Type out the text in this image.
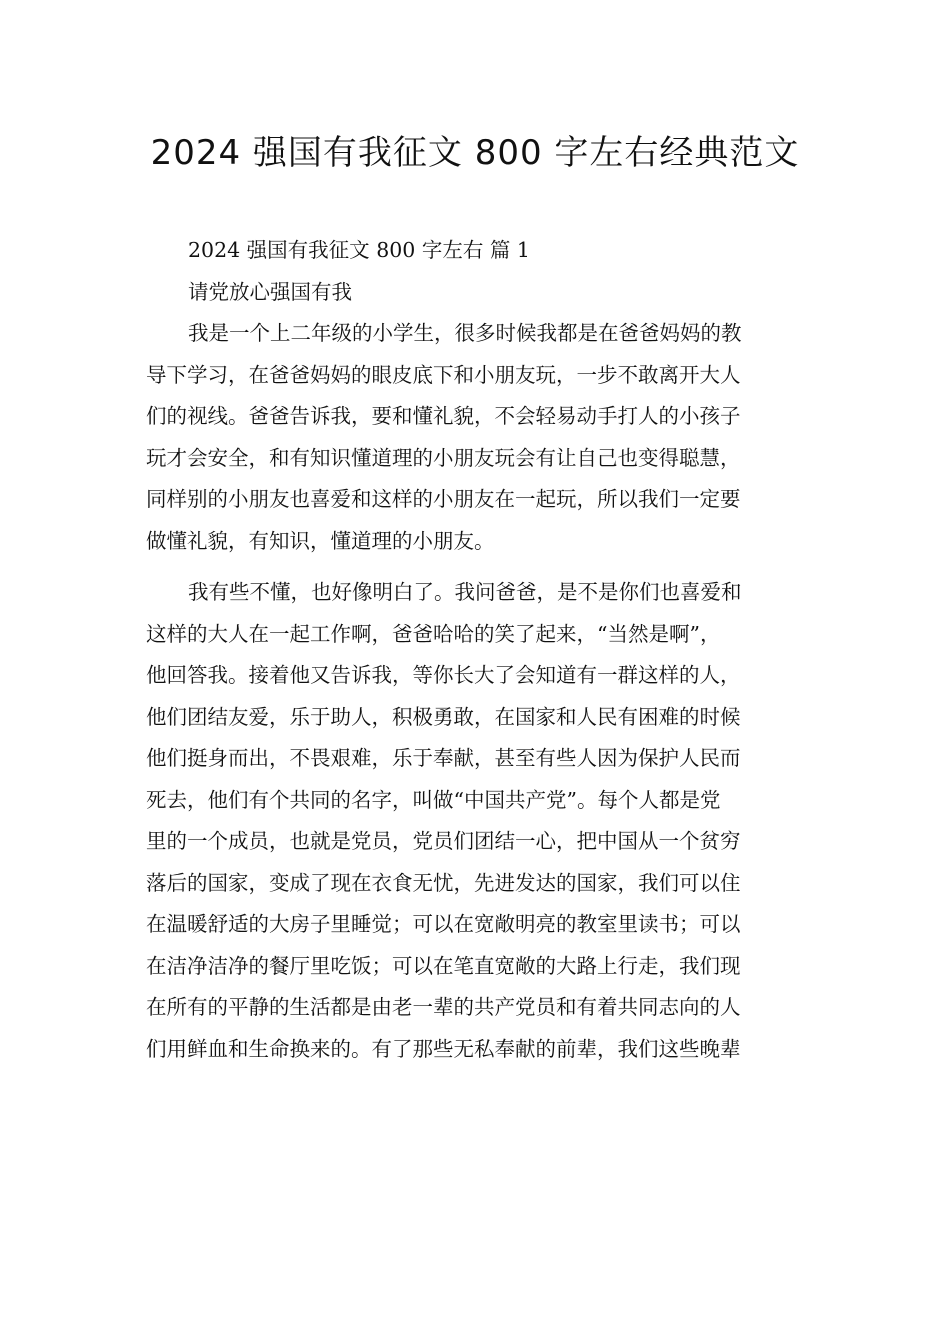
2024 强国有我征文 800 字左右经典范文
2024 强国有我征文 800 字左右 篇 1
请党放心强国有我
我是一个上二年级的小学生，很多时候我都是在爸爸妈妈的教
导下学习，在爸爸妈妈的眼皮底下和小朋友玩，一步不敢离开大人
们的视线。爸爸告诉我，要和懂礼貌，不会轻易动手打人的小孩子
玩才会安全，和有知识懂道理的小朋友玩会有让自己也变得聪慧，
同样别的小朋友也喜爱和这样的小朋友在一起玩，所以我们一定要
做懂礼貌，有知识，懂道理的小朋友。
我有些不懂，也好像明白了。我问爸爸，是不是你们也喜爱和
这样的大人在一起工作啊，爸爸哈哈的笑了起来，“当然是啊”，
他回答我。接着他又告诉我，等你长大了会知道有一群这样的人，
他们团结友爱，乐于助人，积极勇敢，在国家和人民有困难的时候
他们挺身而出，不畏艰难，乐于奉献，甚至有些人因为保护人民而
死去，他们有个共同的名字，叫做“中国共产党”。每个人都是党
里的一个成员，也就是党员，党员们团结一心，把中国从一个贫穷
落后的国家，变成了现在衣食无忧，先进发达的国家，我们可以住
在温暖舒适的大房子里睡觉；可以在宽敞明亮的教室里读书；可以
在洁净洁净的餐厅里吃饭；可以在笔直宽敞的大路上行走，我们现
在所有的平静的生活都是由老一辈的共产党员和有着共同志向的人
们用鲜血和生命换来的。有了那些无私奉献的前辈，我们这些晚辈
